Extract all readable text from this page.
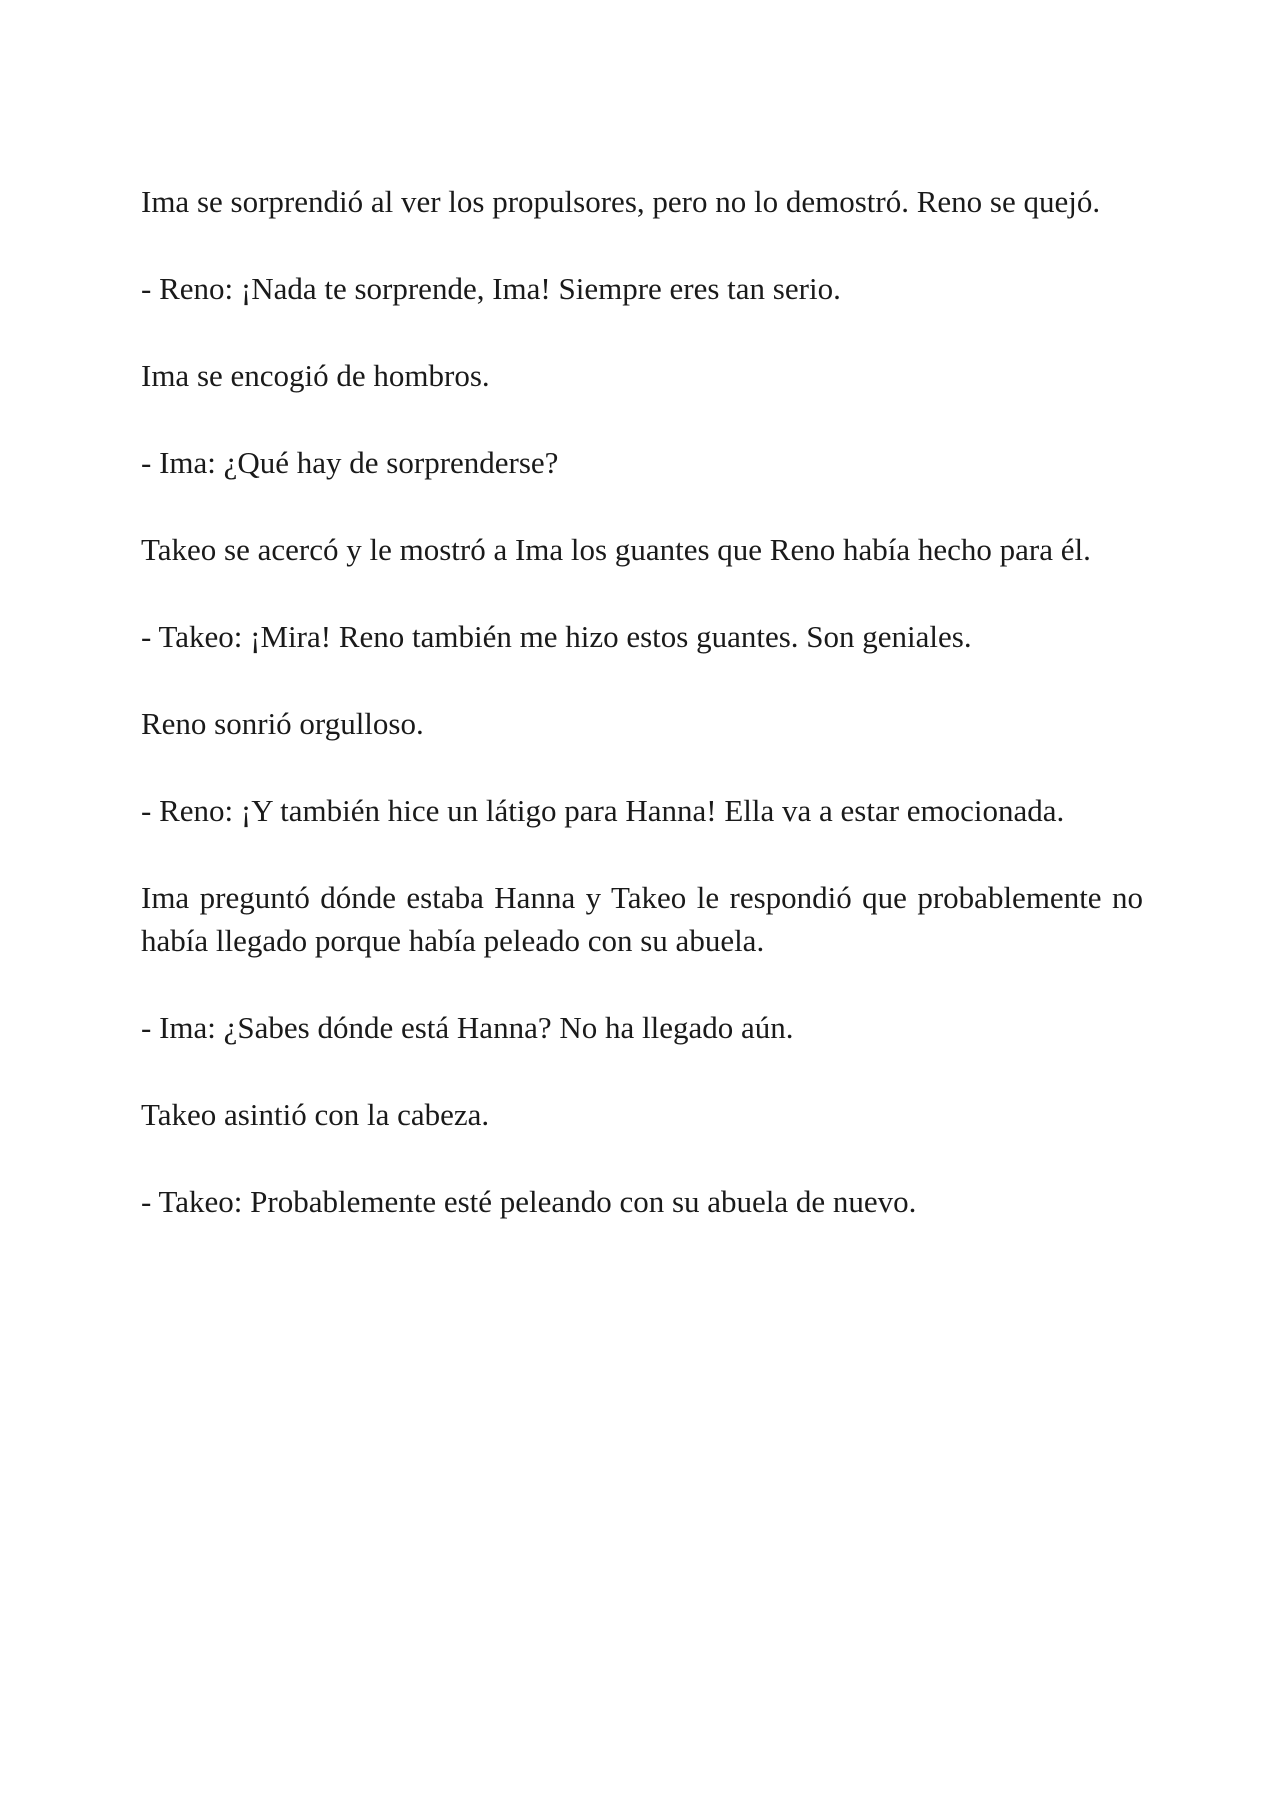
Ima se sorprendió al ver los propulsores, pero no lo demostró. Reno se quejó.

- Reno: ¡Nada te sorprende, Ima! Siempre eres tan serio.

Ima se encogió de hombros.

- Ima: ¿Qué hay de sorprenderse?

Takeo se acercó y le mostró a Ima los guantes que Reno había hecho para él.

- Takeo: ¡Mira! Reno también me hizo estos guantes. Son geniales.

Reno sonrió orgulloso.

- Reno: ¡Y también hice un látigo para Hanna! Ella va a estar emocionada.

Ima preguntó dónde estaba Hanna y Takeo le respondió que probablemente no había llegado porque había peleado con su abuela.

- Ima: ¿Sabes dónde está Hanna? No ha llegado aún.

Takeo asintió con la cabeza.

- Takeo: Probablemente esté peleando con su abuela de nuevo.
